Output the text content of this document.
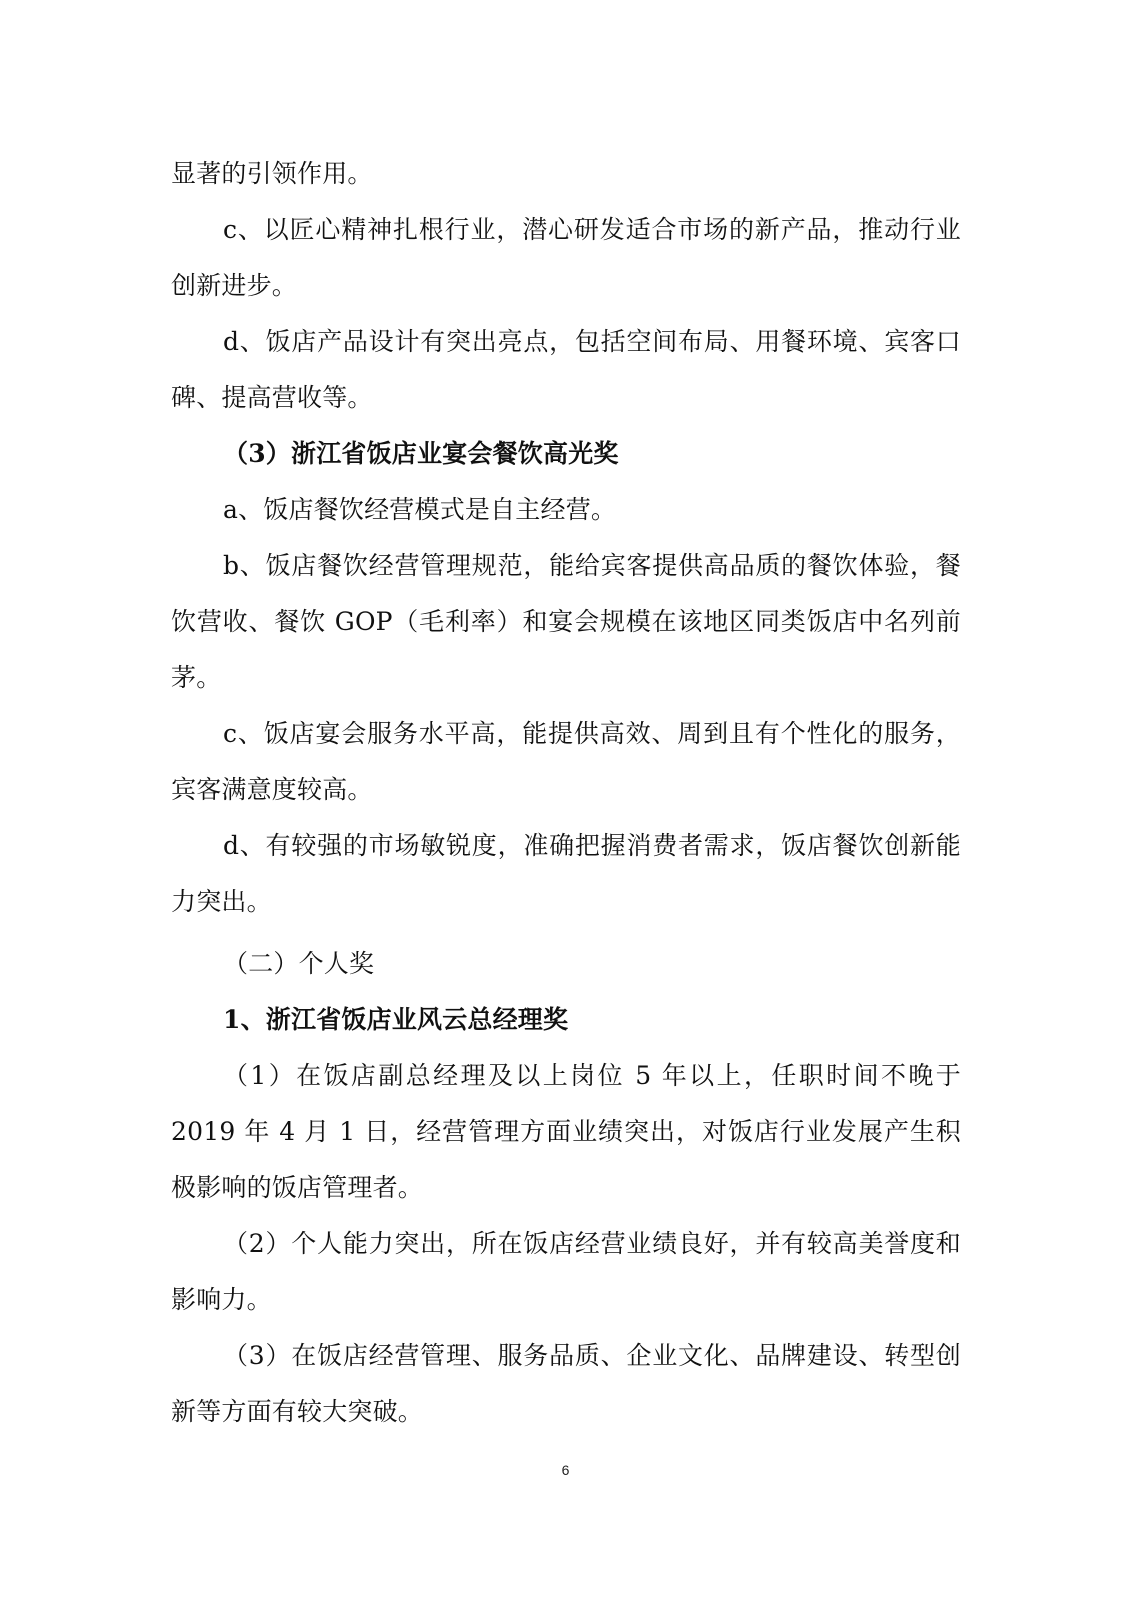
显著的引领作用。

c、以匠心精神扎根行业，潜心研发适合市场的新产品，推动行业创新进步。

d、饭店产品设计有突出亮点，包括空间布局、用餐环境、宾客口碑、提高营收等。

（3）浙江省饭店业宴会餐饮高光奖

a、饭店餐饮经营模式是自主经营。

b、饭店餐饮经营管理规范，能给宾客提供高品质的餐饮体验，餐饮营收、餐饮 GOP（毛利率）和宴会规模在该地区同类饭店中名列前茅。

c、饭店宴会服务水平高，能提供高效、周到且有个性化的服务，宾客满意度较高。

d、有较强的市场敏锐度，准确把握消费者需求，饭店餐饮创新能力突出。

（二）个人奖

1、浙江省饭店业风云总经理奖

（1）在饭店副总经理及以上岗位 5 年以上，任职时间不晚于 2019 年 4 月 1 日，经营管理方面业绩突出，对饭店行业发展产生积极影响的饭店管理者。

（2）个人能力突出，所在饭店经营业绩良好，并有较高美誉度和影响力。

（3）在饭店经营管理、服务品质、企业文化、品牌建设、转型创新等方面有较大突破。

6
